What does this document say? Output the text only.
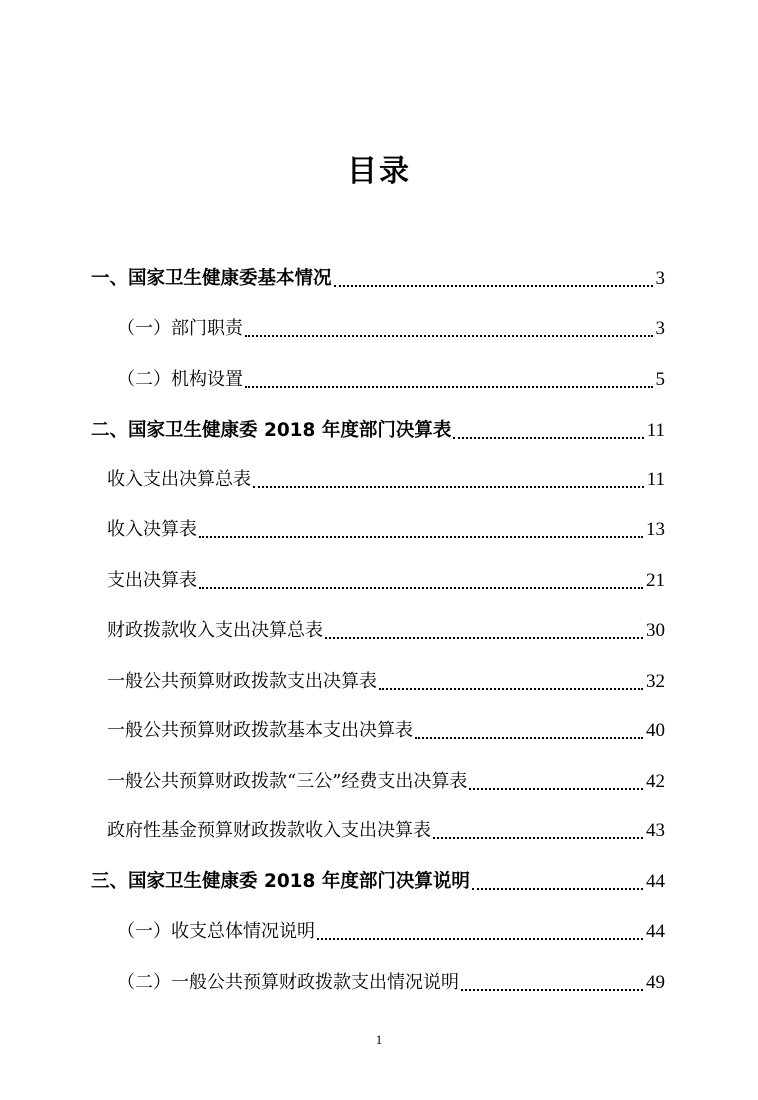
目录
一、国家卫生健康委基本情况	3
（一）部门职责	3
（二）机构设置	5
二、国家卫生健康委 2018 年度部门决算表	11
收入支出决算总表	11
收入决算表	13
支出决算表	21
财政拨款收入支出决算总表	30
一般公共预算财政拨款支出决算表	32
一般公共预算财政拨款基本支出决算表	40
一般公共预算财政拨款“三公”经费支出决算表	42
政府性基金预算财政拨款收入支出决算表	43
三、国家卫生健康委 2018 年度部门决算说明	44
（一）收支总体情况说明	44
（二）一般公共预算财政拨款支出情况说明	49
1
